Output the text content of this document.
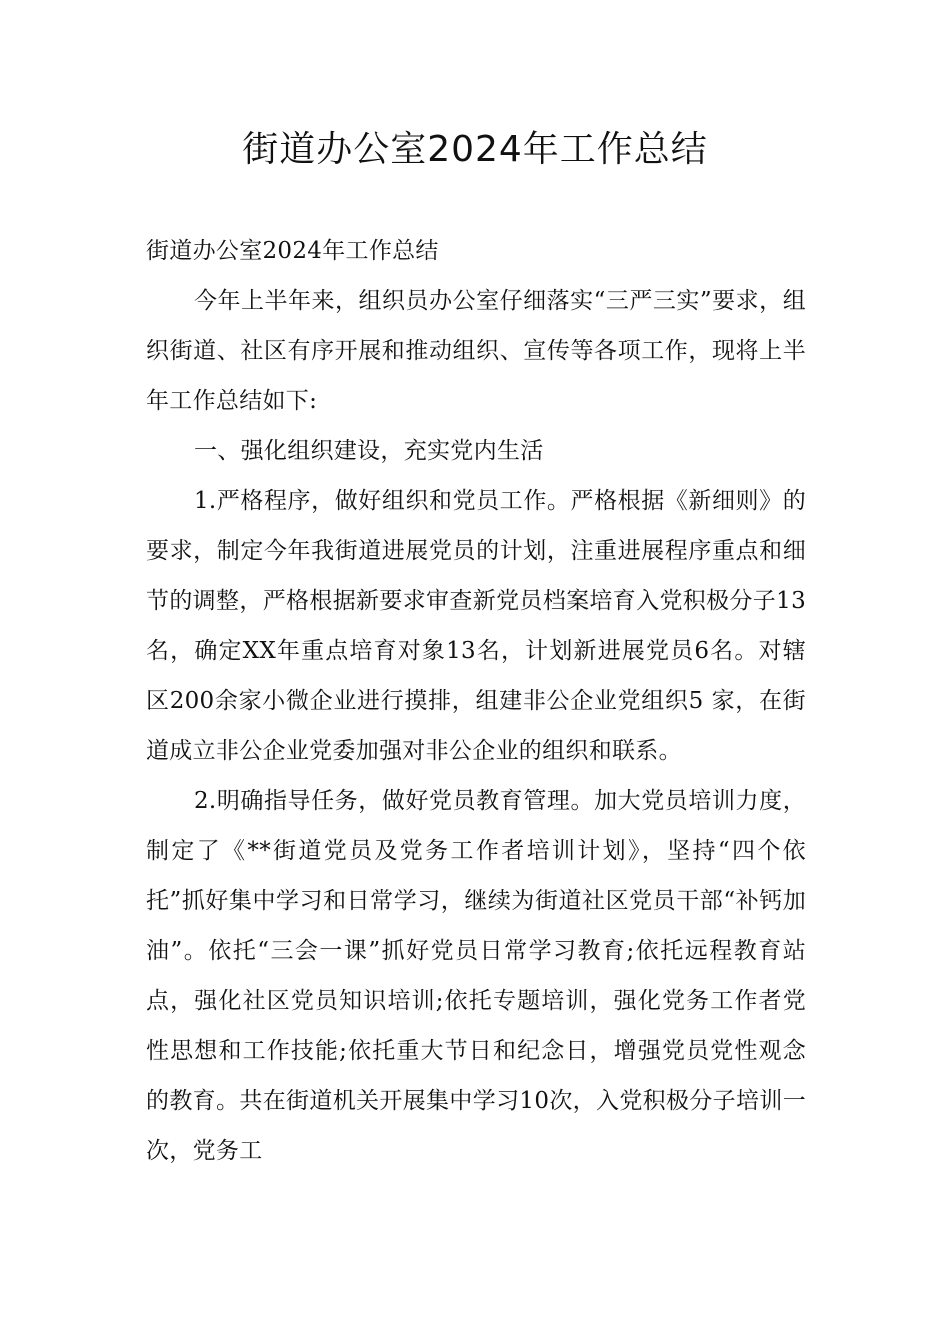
街道办公室2024年工作总结

街道办公室2024年工作总结

今年上半年来，组织员办公室仔细落实“三严三实”要求，组织街道、社区有序开展和推动组织、宣传等各项工作，现将上半年工作总结如下:

一、强化组织建设，充实党内生活

1.严格程序，做好组织和党员工作。严格根据《新细则》的要求，制定今年我街道进展党员的计划，注重进展程序重点和细节的调整，严格根据新要求审查新党员档案培育入党积极分子13名，确定XX年重点培育对象13名，计划新进展党员6名。对辖区200余家小微企业进行摸排，组建非公企业党组织5 家，在街道成立非公企业党委加强对非公企业的组织和联系。

2.明确指导任务，做好党员教育管理。加大党员培训力度，制定了《**街道党员及党务工作者培训计划》，坚持“四个依托”抓好集中学习和日常学习，继续为街道社区党员干部“补钙加油”。依托“三会一课”抓好党员日常学习教育;依托远程教育站点，强化社区党员知识培训;依托专题培训，强化党务工作者党性思想和工作技能;依托重大节日和纪念日，增强党员党性观念的教育。共在街道机关开展集中学习10次，入党积极分子培训一次，党务工
